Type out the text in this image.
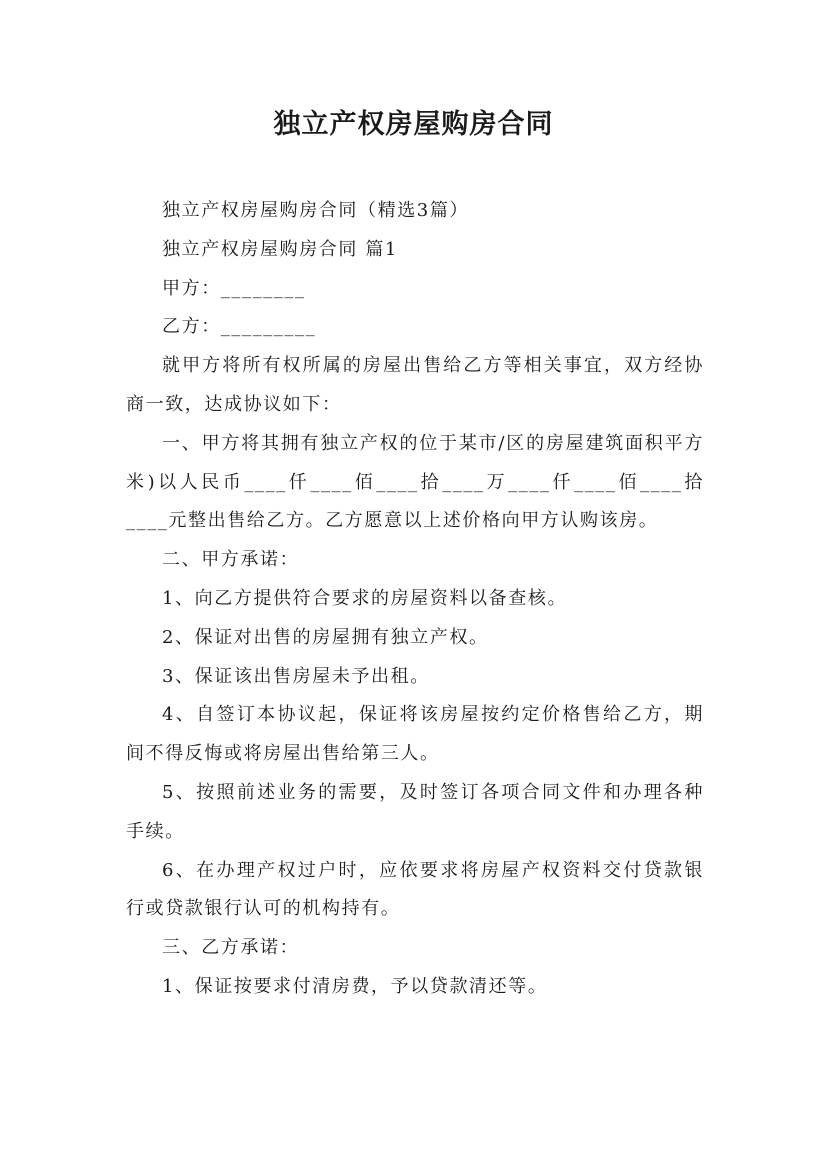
独立产权房屋购房合同

独立产权房屋购房合同（精选3篇）

独立产权房屋购房合同 篇1

甲方：________

乙方：_________

就甲方将所有权所属的房屋出售给乙方等相关事宜，双方经协商一致，达成协议如下：

一、甲方将其拥有独立产权的位于某市/区的房屋建筑面积平方米)以人民币____仟____佰____拾____万____仟____佰____拾____元整出售给乙方。乙方愿意以上述价格向甲方认购该房。

二、甲方承诺：

1、向乙方提供符合要求的房屋资料以备查核。

2、保证对出售的房屋拥有独立产权。

3、保证该出售房屋未予出租。

4、自签订本协议起，保证将该房屋按约定价格售给乙方，期间不得反悔或将房屋出售给第三人。

5、按照前述业务的需要，及时签订各项合同文件和办理各种手续。

6、在办理产权过户时，应依要求将房屋产权资料交付贷款银行或贷款银行认可的机构持有。

三、乙方承诺：

1、保证按要求付清房费，予以贷款清还等。
